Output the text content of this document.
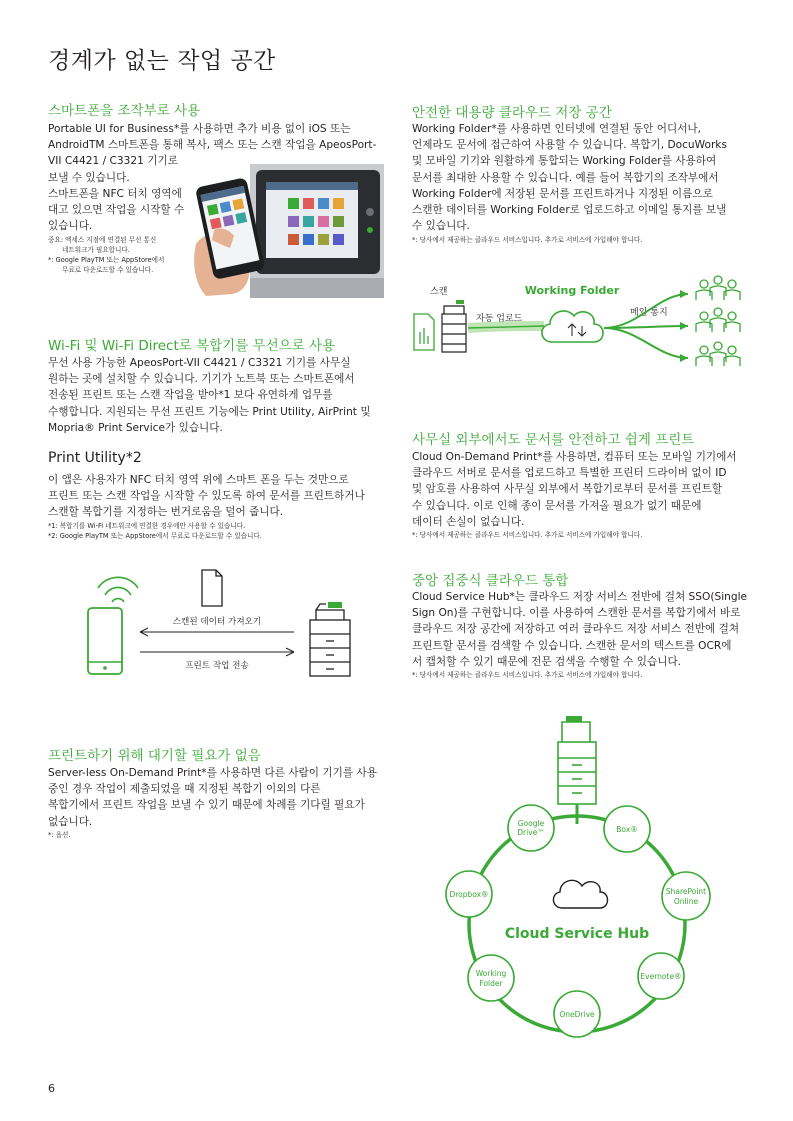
경계가 없는 작업 공간
스마트폰을 조작부로 사용
Portable UI for Business*를 사용하면 추가 비용 없이 iOS 또는
AndroidTM 스마트폰을 통해 복사, 팩스 또는 스캔 작업을 ApeosPort-
VII C4421 / C3321 기기로
보낼 수 있습니다.
스마트폰을 NFC 터치 영역에
대고 있으면 작업을 시작할 수
있습니다.
중요: 액세스 지점에 연결된 무선 통신
네트워크가 필요합니다.
*: Google PlayTM 또는 AppStore에서
무료로 다운로드할 수 있습니다.
Wi-Fi 및 Wi-Fi Direct로 복합기를 무선으로 사용
무선 사용 가능한 ApeosPort-VII C4421 / C3321 기기를 사무실
원하는 곳에 설치할 수 있습니다. 기기가 노트북 또는 스마트폰에서
전송된 프린트 또는 스캔 작업을 받아*1 보다 유연하게 업무를
수행합니다. 지원되는 무선 프린트 기능에는 Print Utility, AirPrint 및
Mopria® Print Service가 있습니다.
Print Utility*2
이 앱은 사용자가 NFC 터치 영역 위에 스마트 폰을 두는 것만으로
프린트 또는 스캔 작업을 시작할 수 있도록 하여 문서를 프린트하거나
스캔할 복합기를 지정하는 번거로움을 덜어 줍니다.
*1: 복합기를 Wi-Fi 네트워크에 연결한 경우에만 사용할 수 있습니다.
*2: Google PlayTM 또는 AppStore에서 무료로 다운로드할 수 있습니다.
스캔된 데이터 가져오기
프린트 작업 전송
프린트하기 위해 대기할 필요가 없음
Server-less On-Demand Print*를 사용하면 다른 사람이 기기를 사용
중인 경우 작업이 제출되었을 때 지정된 복합기 이외의 다른
복합기에서 프린트 작업을 보낼 수 있기 때문에 차례를 기다릴 필요가
없습니다.
*: 옵션.
안전한 대용량 클라우드 저장 공간
Working Folder*를 사용하면 인터넷에 연결된 동안 어디서나,
언제라도 문서에 접근하여 사용할 수 있습니다. 복합기, DocuWorks
및 모바일 기기와 원활하게 통합되는 Working Folder를 사용하여
문서를 최대한 사용할 수 있습니다. 예를 들어 복합기의 조작부에서
Working Folder에 저장된 문서를 프린트하거나 지정된 이름으로
스캔한 데이터를 Working Folder로 업로드하고 이메일 통지를 보낼
수 있습니다.
*: 당사에서 제공하는 클라우드 서비스입니다. 추가로 서비스에 가입해야 합니다.
스캔	Working Folder
자동 업로드
메일 통지
사무실 외부에서도 문서를 안전하고 쉽게 프린트
Cloud On-Demand Print*를 사용하면, 컴퓨터 또는 모바일 기기에서
클라우드 서버로 문서를 업로드하고 특별한 프린터 드라이버 없이 ID
및 암호를 사용하여 사무실 외부에서 복합기로부터 문서를 프린트할
수 있습니다. 이로 인해 종이 문서를 가져올 필요가 없기 때문에
데이터 손실이 없습니다.
*: 당사에서 제공하는 클라우드 서비스입니다. 추가로 서비스에 가입해야 합니다.
중앙 집중식 클라우드 통합
Cloud Service Hub*는 클라우드 저장 서비스 전반에 걸쳐 SSO(Single
Sign On)를 구현합니다. 이를 사용하여 스캔한 문서를 복합기에서 바로
클라우드 저장 공간에 저장하고 여러 클라우드 저장 서비스 전반에 걸쳐
프린트할 문서를 검색할 수 있습니다. 스캔한 문서의 텍스트를 OCR에
서 캡처할 수 있기 때문에 전문 검색을 수행할 수 있습니다.
*: 당사에서 제공하는 클라우드 서비스입니다. 추가로 서비스에 가입해야 합니다.
Cloud Service Hub
Google
Drive™	Box®
SharePoint
Online
Evernote®
OneDrive
Working
Folder
Dropbox®
6
